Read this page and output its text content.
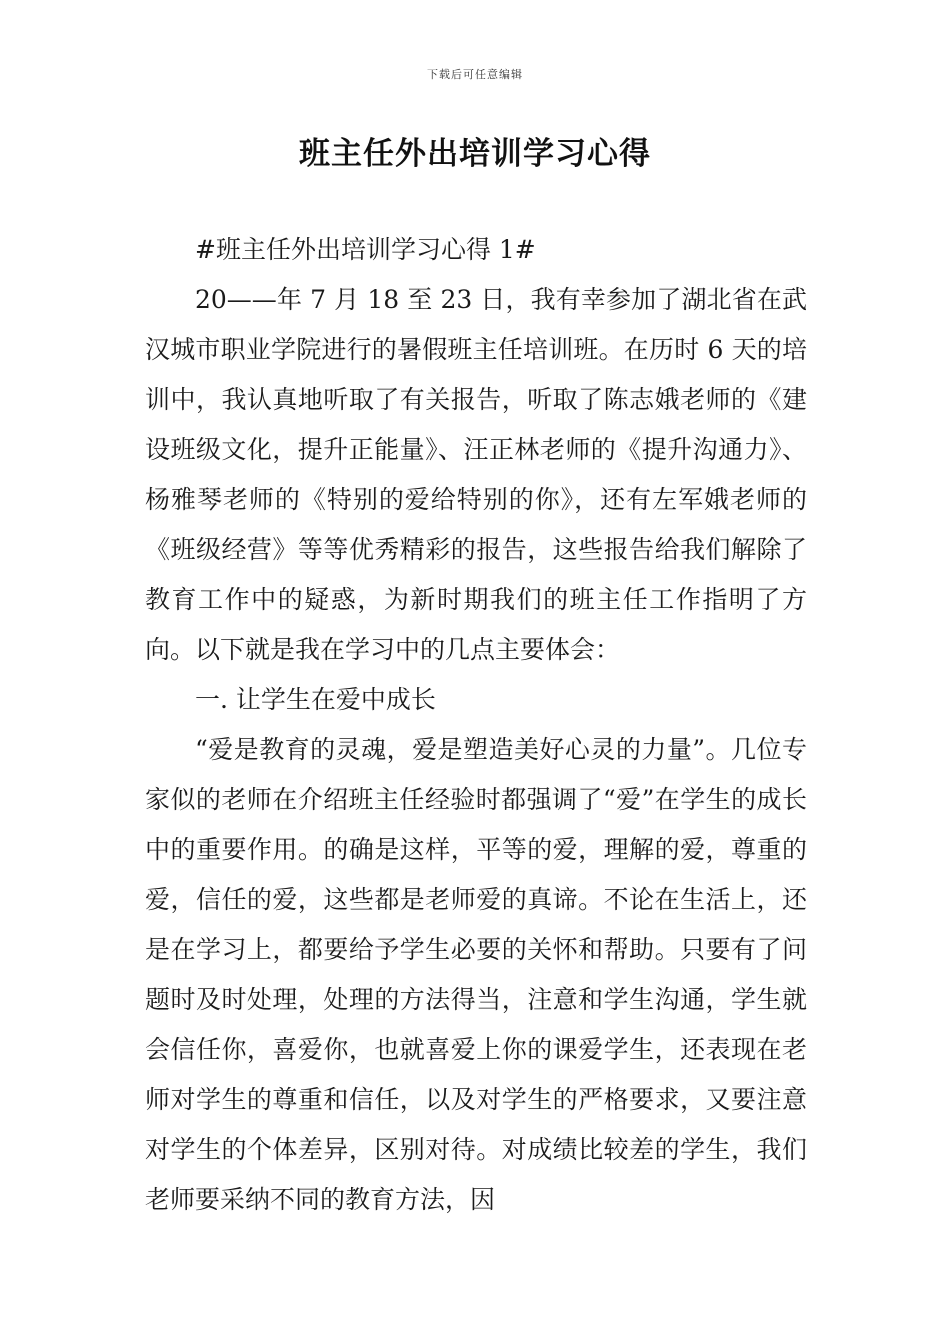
下载后可任意编辑
班主任外出培训学习心得

#班主任外出培训学习心得 1#

20——年 7 月 18 至 23 日，我有幸参加了湖北省在武汉城市职业学院进行的暑假班主任培训班。在历时 6 天的培训中，我认真地听取了有关报告，听取了陈志娥老师的《建设班级文化，提升正能量》、汪正林老师的《提升沟通力》、杨雅琴老师的《特别的爱给特别的你》，还有左军娥老师的《班级经营》等等优秀精彩的报告，这些报告给我们解除了教育工作中的疑惑，为新时期我们的班主任工作指明了方向。以下就是我在学习中的几点主要体会：

一. 让学生在爱中成长

“爱是教育的灵魂，爱是塑造美好心灵的力量”。几位专家似的老师在介绍班主任经验时都强调了“爱”在学生的成长中的重要作用。的确是这样，平等的爱，理解的爱，尊重的爱，信任的爱，这些都是老师爱的真谛。不论在生活上，还是在学习上，都要给予学生必要的关怀和帮助。只要有了问题时及时处理，处理的方法得当，注意和学生沟通，学生就会信任你，喜爱你，也就喜爱上你的课爱学生，还表现在老师对学生的尊重和信任，以及对学生的严格要求，又要注意对学生的个体差异，区别对待。对成绩比较差的学生，我们老师要采纳不同的教育方法，因
